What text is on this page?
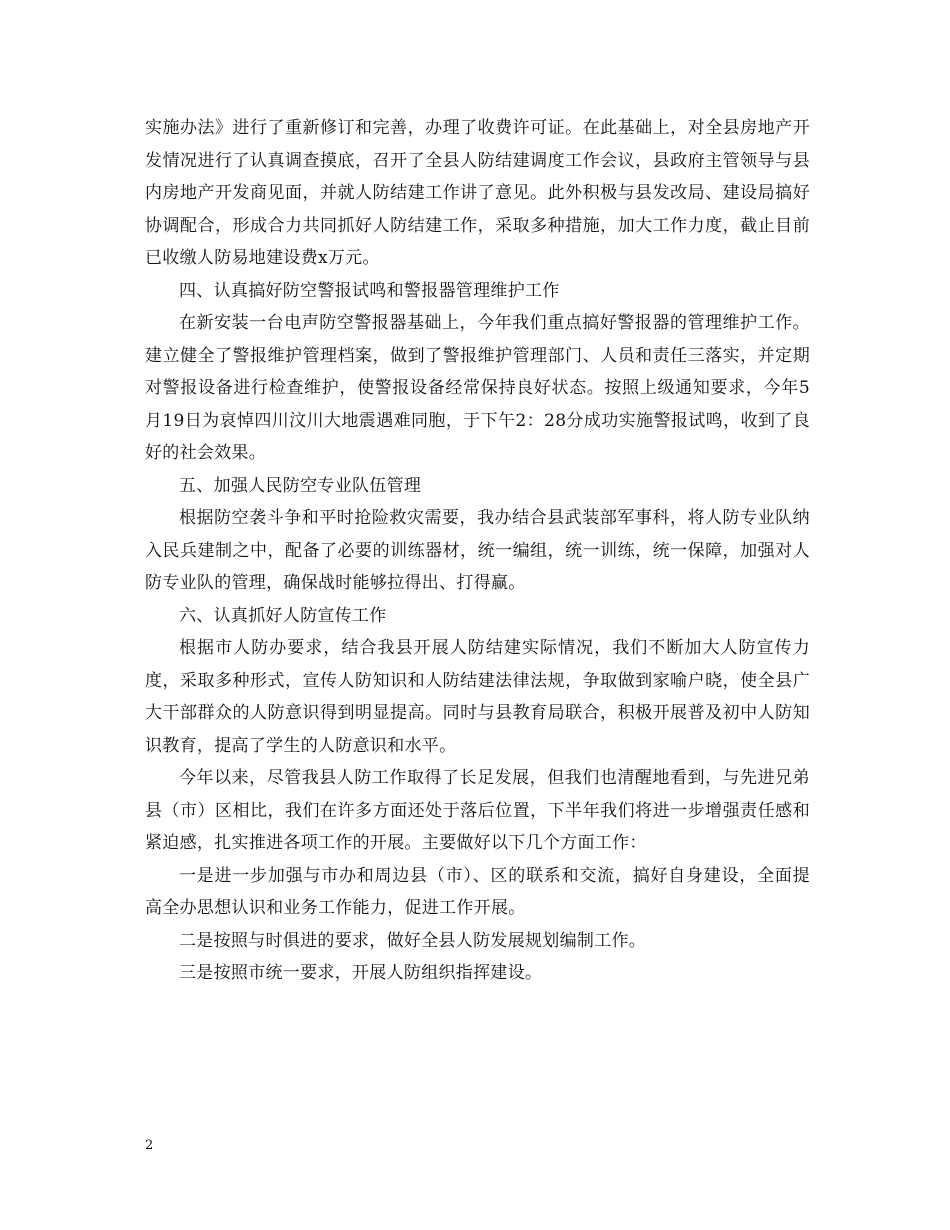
实施办法》进行了重新修订和完善，办理了收费许可证。在此基础上，对全县房地产开发情况进行了认真调查摸底，召开了全县人防结建调度工作会议，县政府主管领导与县内房地产开发商见面，并就人防结建工作讲了意见。此外积极与县发改局、建设局搞好协调配合，形成合力共同抓好人防结建工作，采取多种措施，加大工作力度，截止目前已收缴人防易地建设费x万元。

四、认真搞好防空警报试鸣和警报器管理维护工作

在新安装一台电声防空警报器基础上，今年我们重点搞好警报器的管理维护工作。建立健全了警报维护管理档案，做到了警报维护管理部门、人员和责任三落实，并定期对警报设备进行检查维护，使警报设备经常保持良好状态。按照上级通知要求，今年5月19日为哀悼四川汶川大地震遇难同胞，于下午2：28分成功实施警报试鸣，收到了良好的社会效果。

五、加强人民防空专业队伍管理

根据防空袭斗争和平时抢险救灾需要，我办结合县武装部军事科，将人防专业队纳入民兵建制之中，配备了必要的训练器材，统一编组，统一训练，统一保障，加强对人防专业队的管理，确保战时能够拉得出、打得赢。

六、认真抓好人防宣传工作

根据市人防办要求，结合我县开展人防结建实际情况，我们不断加大人防宣传力度，采取多种形式，宣传人防知识和人防结建法律法规，争取做到家喻户晓，使全县广大干部群众的人防意识得到明显提高。同时与县教育局联合，积极开展普及初中人防知识教育，提高了学生的人防意识和水平。

今年以来，尽管我县人防工作取得了长足发展，但我们也清醒地看到，与先进兄弟县（市）区相比，我们在许多方面还处于落后位置，下半年我们将进一步增强责任感和紧迫感，扎实推进各项工作的开展。主要做好以下几个方面工作：

一是进一步加强与市办和周边县（市）、区的联系和交流，搞好自身建设，全面提高全办思想认识和业务工作能力，促进工作开展。

二是按照与时俱进的要求，做好全县人防发展规划编制工作。

三是按照市统一要求，开展人防组织指挥建设。

2
